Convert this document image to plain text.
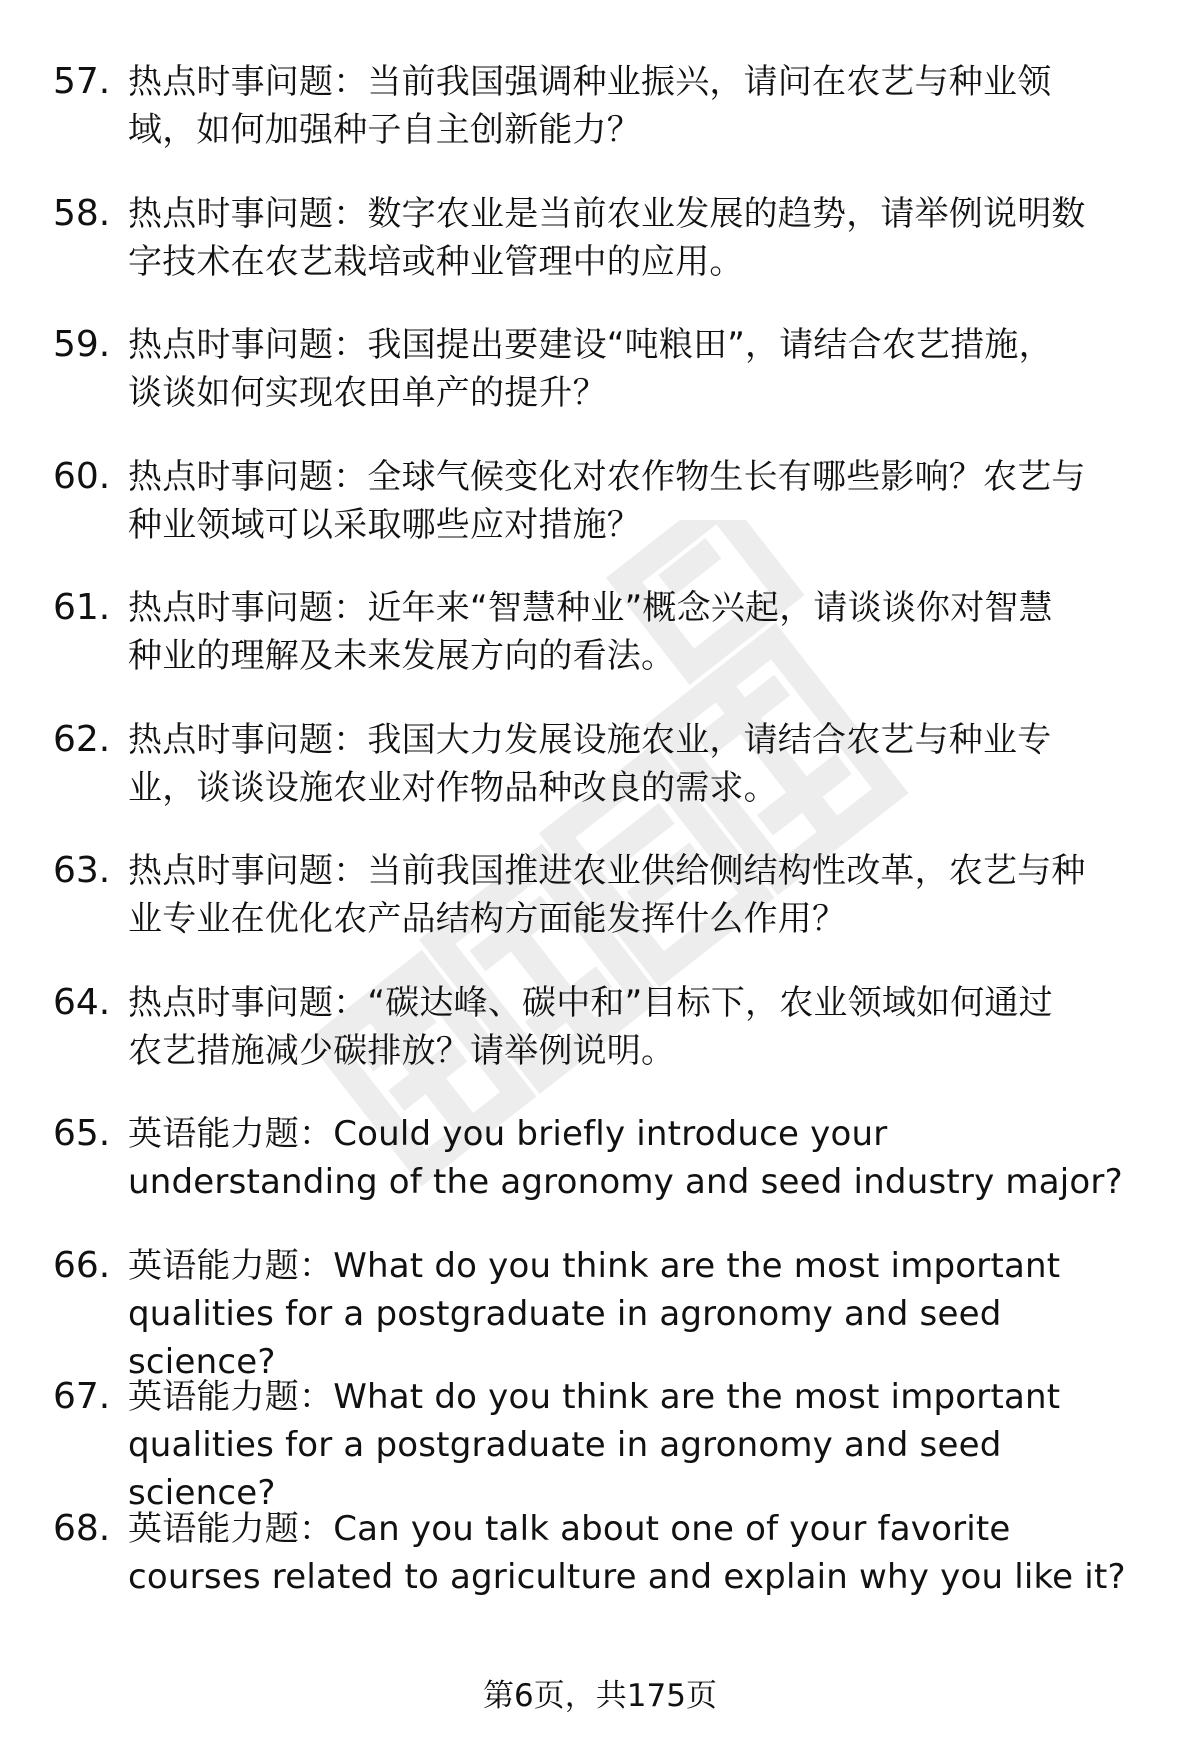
57. 热点时事问题：当前我国强调种业振兴，请问在农艺与种业领
域，如何加强种子自主创新能力？
58. 热点时事问题：数字农业是当前农业发展的趋势，请举例说明数
字技术在农艺栽培或种业管理中的应用。
59. 热点时事问题：我国提出要建设“吨粮田”，请结合农艺措施，
谈谈如何实现农田单产的提升？
60. 热点时事问题：全球气候变化对农作物生长有哪些影响？农艺与
种业领域可以采取哪些应对措施？
61. 热点时事问题：近年来“智慧种业”概念兴起，请谈谈你对智慧
种业的理解及未来发展方向的看法。
62. 热点时事问题：我国大力发展设施农业，请结合农艺与种业专
业，谈谈设施农业对作物品种改良的需求。
63. 热点时事问题：当前我国推进农业供给侧结构性改革，农艺与种
业专业在优化农产品结构方面能发挥什么作用？
64. 热点时事问题：“碳达峰、碳中和”目标下，农业领域如何通过
农艺措施减少碳排放？请举例说明。
65. 英语能力题：Could you briefly introduce your
understanding of the agronomy and seed industry major?
66. 英语能力题：What do you think are the most important
qualities for a postgraduate in agronomy and seed science?
67. 英语能力题：What do you think are the most important
qualities for a postgraduate in agronomy and seed science?
68. 英语能力题：Can you talk about one of your favorite
courses related to agriculture and explain why you like it?
第6页，共175页
